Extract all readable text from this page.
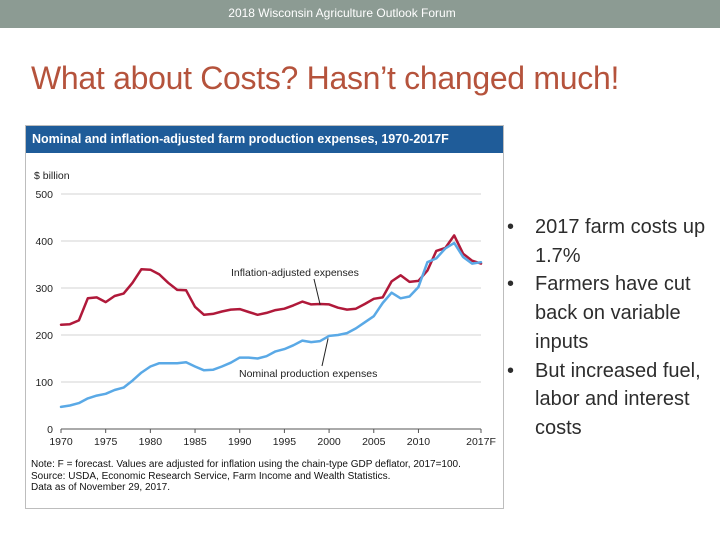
2018 Wisconsin Agriculture Outlook Forum
What about Costs? Hasn’t changed much!
0
100
200
300
400
500
$ billion
1970 1975 1980 1985 1990 1995 2000 2005 2010	2017F
Inflation-adjusted expenses
Nominal production expenses
Nominal and inflation-adjusted farm production expenses, 1970-2017F
Note: F = forecast. Values are adjusted for inflation using the chain-type GDP deflator, 2017=100.
Source: USDA, Economic Research Service, Farm Income and Wealth Statistics.
Data as of November 29, 2017.
• 2017 farm costs up 1.7%
• Farmers have cut back on variable inputs
• But increased fuel, labor and interest costs
